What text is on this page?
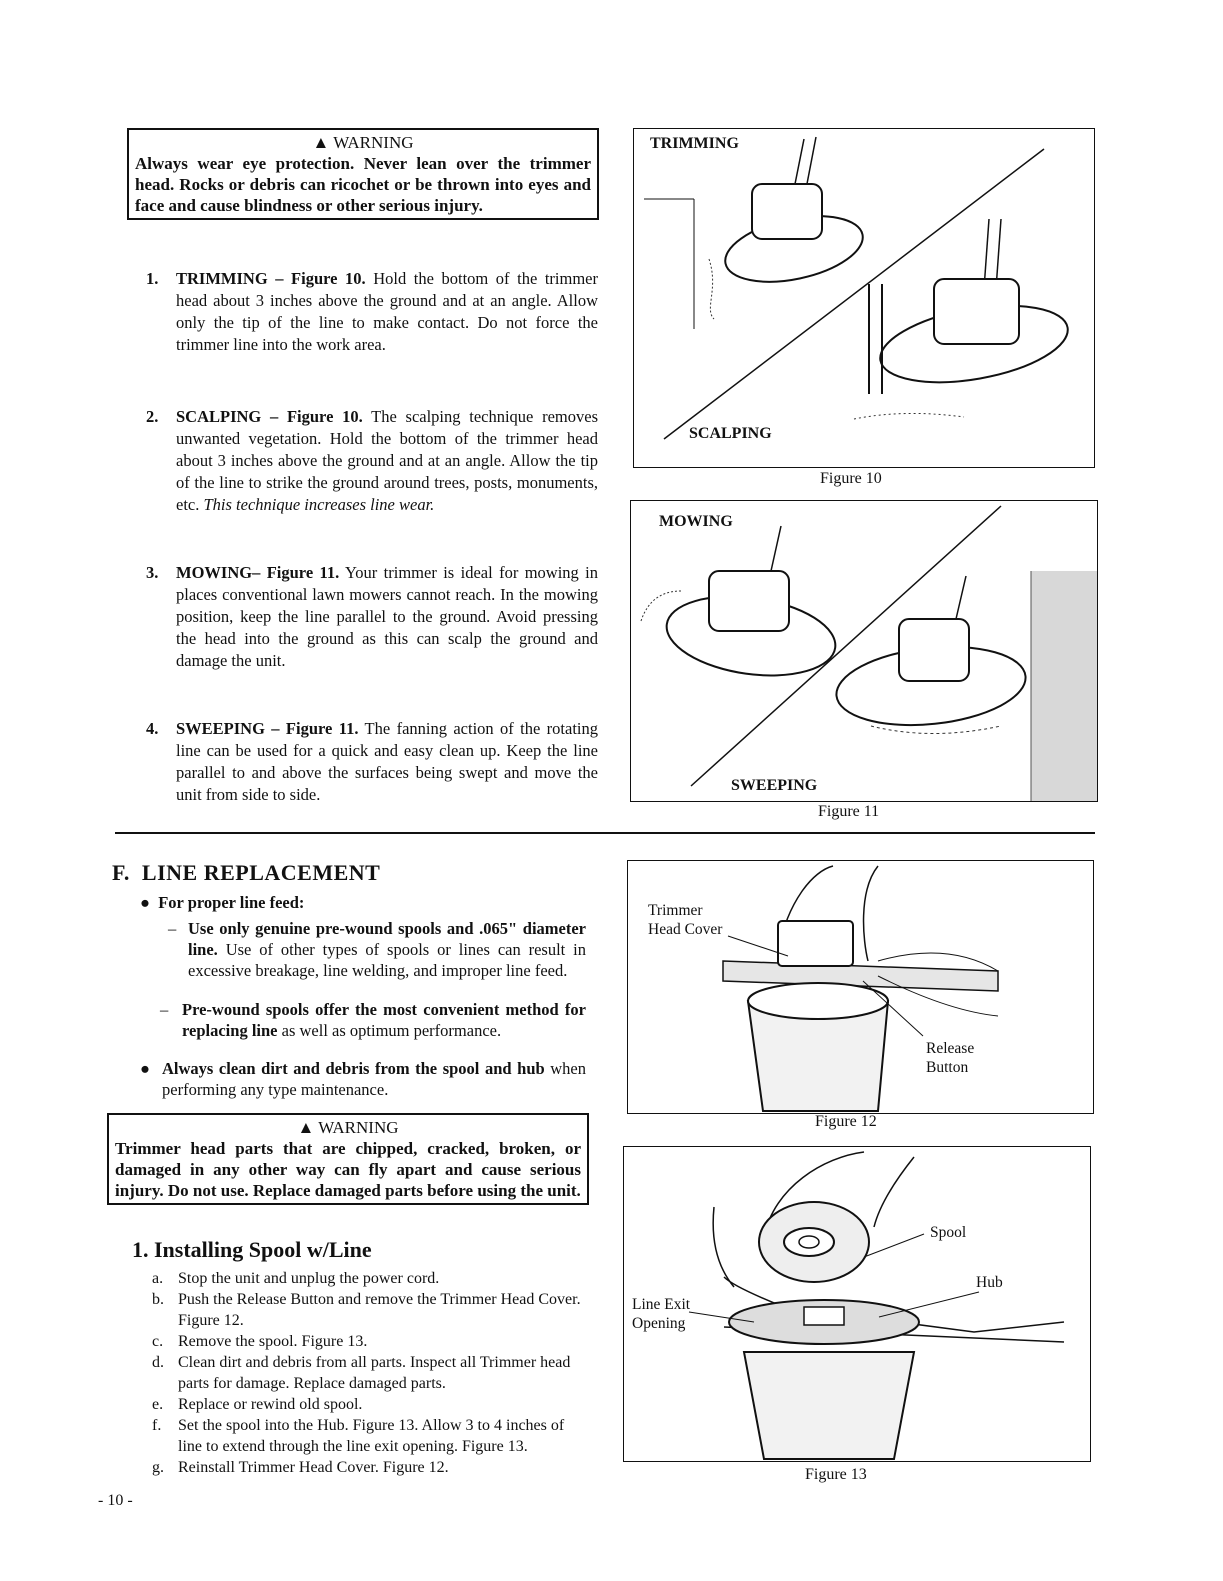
▲ WARNING
Always wear eye protection. Never lean over the trimmer head. Rocks or debris can ricochet or be thrown into eyes and face and cause blindness or other serious injury.
1. TRIMMING – Figure 10. Hold the bottom of the trimmer head about 3 inches above the ground and at an angle. Allow only the tip of the line to make contact. Do not force the trimmer line into the work area.
2. SCALPING – Figure 10. The scalping technique removes unwanted vegetation. Hold the bottom of the trimmer head about 3 inches above the ground and at an angle. Allow the tip of the line to strike the ground around trees, posts, monuments, etc. This technique increases line wear.
3. MOWING– Figure 11. Your trimmer is ideal for mowing in places conventional lawn mowers cannot reach. In the mowing position, keep the line parallel to the ground. Avoid pressing the head into the ground as this can scalp the ground and damage the unit.
4. SWEEPING – Figure 11. The fanning action of the rotating line can be used for a quick and easy clean up. Keep the line parallel to and above the surfaces being swept and move the unit from side to side.
TRIMMING
SCALPING
Figure 10
MOWING
SWEEPING
Figure 11
F. LINE REPLACEMENT
●  For proper line feed:
– Use only genuine pre-wound spools and .065" diameter line. Use of other types of spools or lines can result in excessive breakage, line welding, and improper line feed.
– Pre-wound spools offer the most convenient method for replacing line as well as optimum performance.
● Always clean dirt and debris from the spool and hub when performing any type maintenance.
▲ WARNING
Trimmer head parts that are chipped, cracked, broken, or damaged in any other way can fly apart and cause serious injury. Do not use. Replace damaged parts before using the unit.
1. Installing Spool w/Line
a. Stop the unit and unplug the power cord.
b. Push the Release Button and remove the Trimmer Head Cover. Figure 12.
c. Remove the spool. Figure 13.
d. Clean dirt and debris from all parts. Inspect all Trimmer head parts for damage. Replace damaged parts.
e. Replace or rewind old spool.
f. Set the spool into the Hub. Figure 13. Allow 3 to 4 inches of line to extend through the line exit opening. Figure 13.
g. Reinstall Trimmer Head Cover. Figure 12.
Trimmer
Head Cover
Release
Button
Figure 12
Spool
Hub
Line Exit
Opening
Figure 13
- 10 -
